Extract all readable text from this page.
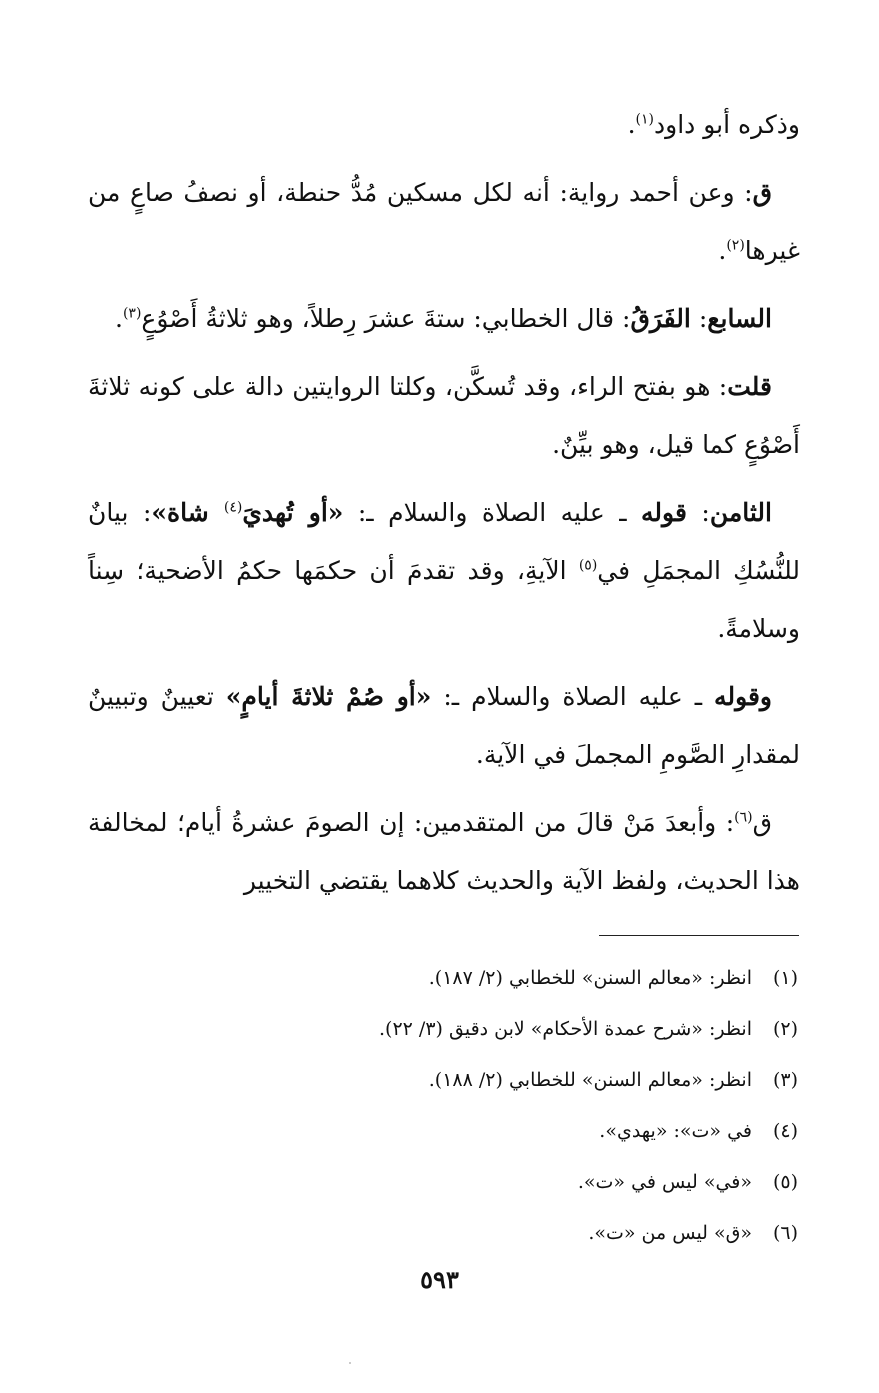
وذكره أبو داود$^{(١)}$.

ق: وعن أحمد رواية: أنه لكل مسكين مُدُّ حنطة، أو نصفُ صاعٍ من غيرها$^{(٢)}$.

السابع: الفَرَقُ: قال الخطابي: ستةَ عشرَ رِطلاً، وهو ثلاثةُ أَصْوُعٍ$^{(٣)}$.

قلت: هو بفتح الراء، وقد تُسكَّن، وكلتا الروايتين دالة على كونه ثلاثةَ أَصْوُعٍ كما قيل، وهو بيِّنٌ.

الثامن: قوله ـ عليه الصلاة والسلام ـ: «أو تُهديَ$^{(٤)}$ شاة»: بيانٌ للنُّسُكِ المجمَلِ في$^{(٥)}$ الآيةِ، وقد تقدمَ أن حكمَها حكمُ الأضحية؛ سِناً وسلامةً.

وقوله ـ عليه الصلاة والسلام ـ: «أو صُمْ ثلاثةَ أيامٍ» تعيينٌ وتبيينٌ لمقدارِ الصَّومِ المجملَ في الآية.

ق$^{(٦)}$: وأبعدَ مَنْ قالَ من المتقدمين: إن الصومَ عشرةُ أيام؛ لمخالفة هذا الحديث، ولفظ الآية والحديث كلاهما يقتضي التخيير

(١)
انظر: «معالم السنن» للخطابي (٢/ ١٨٧).
(٢)
انظر: «شرح عمدة الأحكام» لابن دقيق (٣/ ٢٢).
(٣)
انظر: «معالم السنن» للخطابي (٢/ ١٨٨).
(٤)
في «ت»: «يهدي».
(٥)
«في» ليس في «ت».
(٦)
«ق» ليس من «ت».
٥٩٣
